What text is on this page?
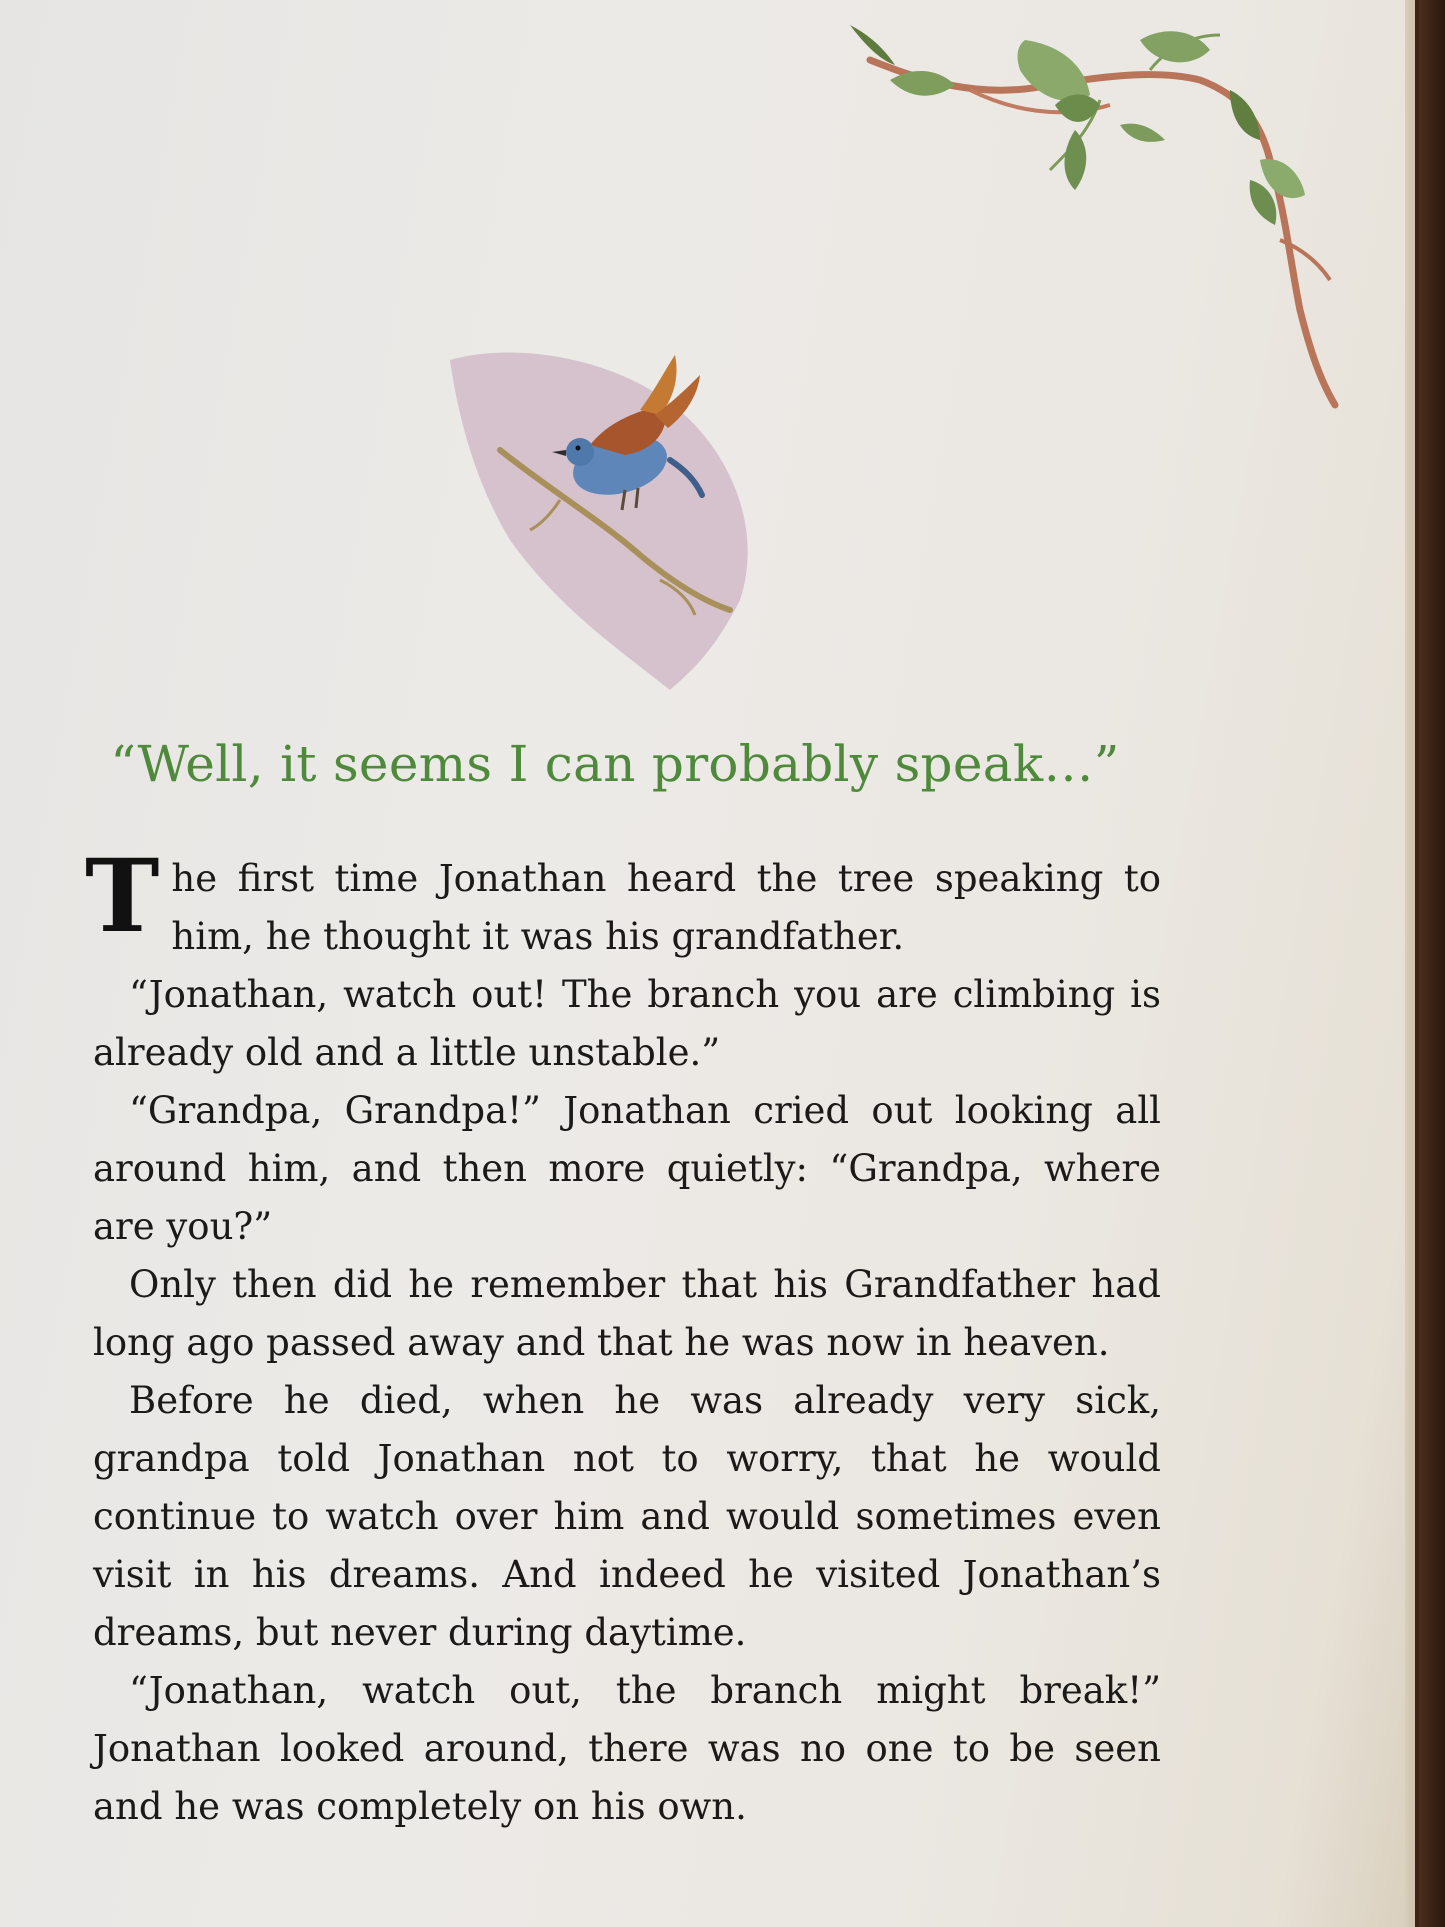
“Well, it seems I can probably speak…”

The first time Jonathan heard the tree speaking to him, he thought it was his grandfather.

“Jonathan, watch out! The branch you are climbing is already old and a little unstable.”

“Grandpa, Grandpa!” Jonathan cried out looking all around him, and then more quietly: “Grandpa, where are you?”

Only then did he remember that his Grandfather had long ago passed away and that he was now in heaven.

Before he died, when he was already very sick, grandpa told Jonathan not to worry, that he would continue to watch over him and would sometimes even visit in his dreams. And indeed he visited Jonathan’s dreams, but never during daytime.

“Jonathan, watch out, the branch might break!” Jonathan looked around, there was no one to be seen and he was completely on his own.
